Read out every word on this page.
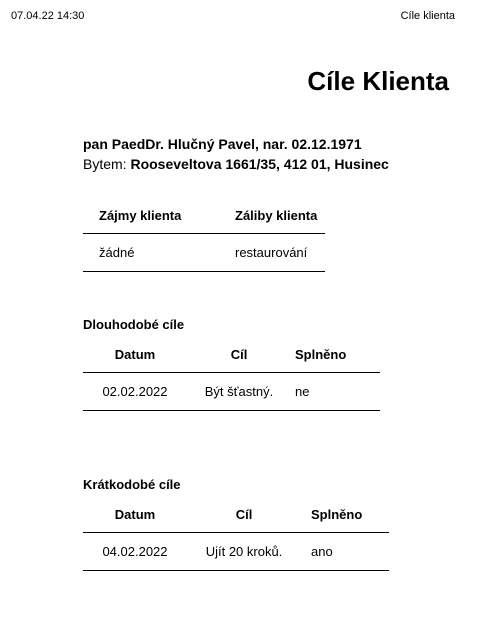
07.04.22 14:30	Cíle klienta
Cíle Klienta
pan PaedDr. Hlučný Pavel, nar. 02.12.1971
Bytem: Rooseveltova 1661/35, 412 01, Husinec
Zájmy klienta	Záliby klienta
žádné	restaurování
Dlouhodobé cíle
Datum	Cíl	Splněno
02.02.2022	Být šťastný.	ne
Krátkodobé cíle
Datum	Cíl	Splněno
04.02.2022	Ujít 20 kroků.	ano
